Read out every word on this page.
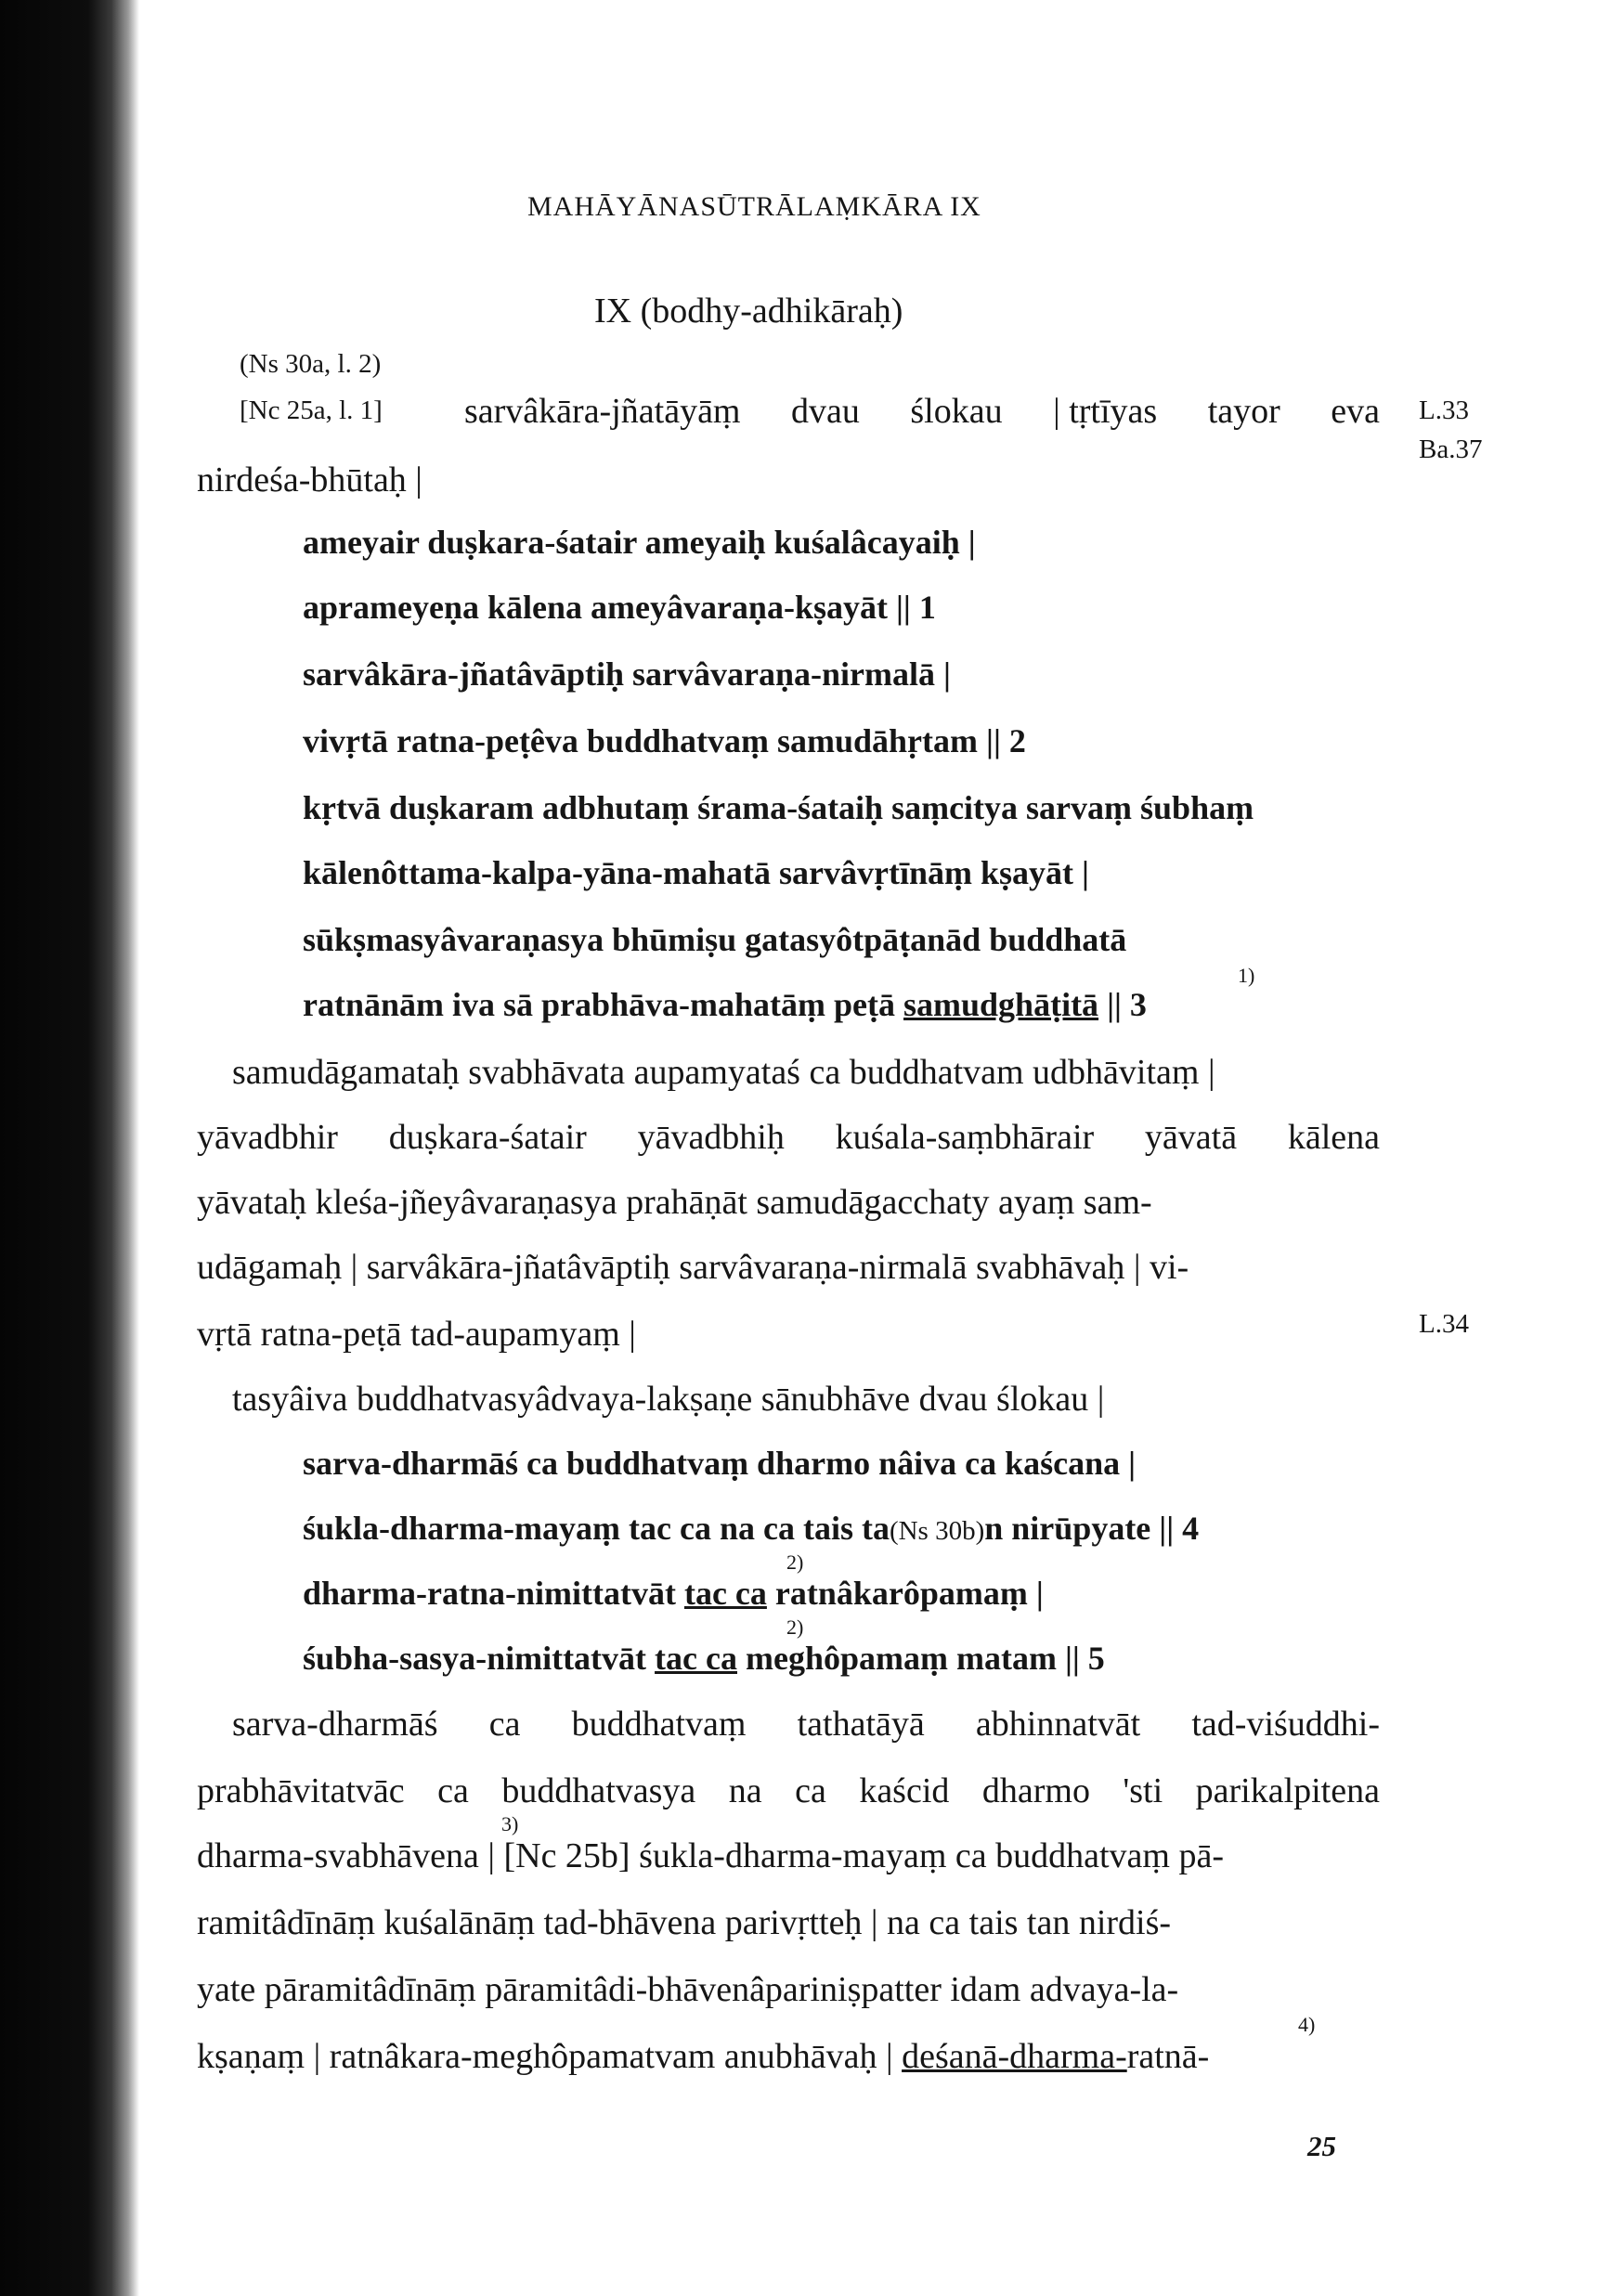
MAHĀYĀNASŪTRĀLAṂKĀRA IX
IX (bodhy-adhikāraḥ)
(Ns 30a, l. 2)
[Nc 25a, l. 1] sarvâkāra-jñatāyāṃ dvau ślokau | tṛtīyas tayor eva
nirdeśa-bhūtaḥ |
L.33
Ba.37
ameyair duṣkara-śatair ameyaiḥ kuśalâcayaiḥ |
aprameyeṇa kālena ameyâvaraṇa-kṣayāt || 1
sarvâkāra-jñatâvāptiḥ sarvâvaraṇa-nirmalā |
vivṛtā ratna-peṭêva buddhatvaṃ samudāhṛtam || 2
kṛtvā duṣkaram adbhutaṃ śrama-śataiḥ saṃcitya sarvaṃ śubhaṃ
kālenôttama-kalpa-yāna-mahatā sarvâvṛtīnāṃ kṣayāt |
sūkṣmasyâvaraṇasya bhūmiṣu gatasyôtpāṭanād buddhatā
1)
ratnānām iva sā prabhāva-mahatāṃ peṭā samudghāṭitā || 3
samudāgamataḥ svabhāvata aupamyataś ca buddhatvam udbhāvitaṃ |
yāvadbhir duṣkara-śatair yāvadbhiḥ kuśala-saṃbhārair yāvatā kālena
yāvataḥ kleśa-jñeyâvaraṇasya prahāṇāt samudāgacchaty ayaṃ sam-
udāgamaḥ | sarvâkāra-jñatâvāptiḥ sarvâvaraṇa-nirmalā svabhāvaḥ | vi-
vṛtā ratna-peṭā tad-aupamyaṃ |	L.34
tasyâiva buddhatvasyâdvaya-lakṣaṇe sānubhāve dvau ślokau |
sarva-dharmāś ca buddhatvaṃ dharmo nâiva ca kaścana |
śukla-dharma-mayaṃ tac ca na ca tais ta(Ns 30b)n nirūpyate || 4
2)
dharma-ratna-nimittatvāt tac ca ratnâkarôpamaṃ |
2)
śubha-sasya-nimittatvāt tac ca meghôpamaṃ matam || 5
sarva-dharmāś ca buddhatvaṃ tathatāyā abhinnatvāt tad-viśuddhi-
prabhāvitatvāc ca buddhatvasya na ca kaścid dharmo 'sti parikalpitena
3)
dharma-svabhāvena | [Nc 25b] śukla-dharma-mayaṃ ca buddhatvaṃ pā-
ramitâdīnāṃ kuśalānāṃ tad-bhāvena parivṛtteḥ | na ca tais tan nirdiś-
yate pāramitâdīnāṃ pāramitâdi-bhāvenâpariniṣpatter idam advaya-la-
4)
kṣaṇaṃ | ratnâkara-meghôpamatvam anubhāvaḥ | deśanā-dharma-ratnā-
25
